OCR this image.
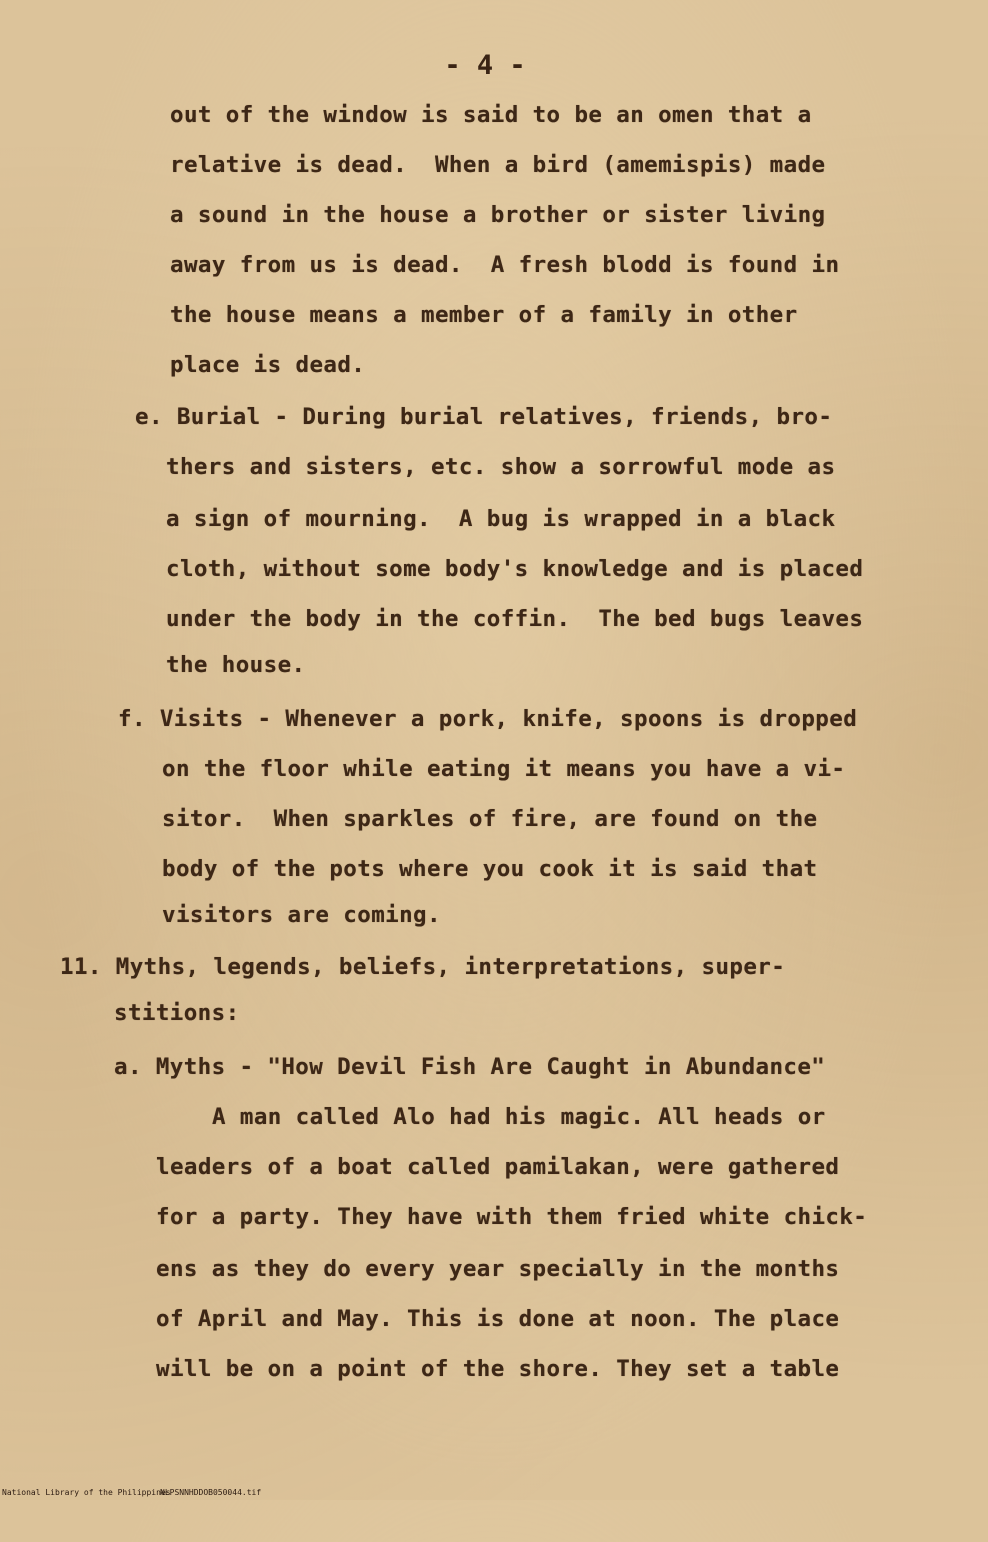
- 4 -
out of the window is said to be an omen that a
relative is dead.  When a bird (amemispis) made
a sound in the house a brother or sister living
away from us is dead.  A fresh blodd is found in
the house means a member of a family in other
place is dead.
e. Burial - During burial relatives, friends, bro-
thers and sisters, etc. show a sorrowful mode as
a sign of mourning.  A bug is wrapped in a black
cloth, without some body's knowledge and is placed
under the body in the coffin.  The bed bugs leaves
the house.
f. Visits - Whenever a pork, knife, spoons is dropped
on the floor while eating it means you have a vi-
sitor.  When sparkles of fire, are found on the
body of the pots where you cook it is said that
visitors are coming.
11. Myths, legends, beliefs, interpretations, super-
stitions:
a. Myths - "How Devil Fish Are Caught in Abundance"
A man called Alo had his magic. All heads or
leaders of a boat called pamilakan, were gathered
for a party. They have with them fried white chick-
ens as they do every year specially in the months
of April and May. This is done at noon. The place
will be on a point of the shore. They set a table

National Library of the Philippines

NLPSNNHDDOB050044.tif
